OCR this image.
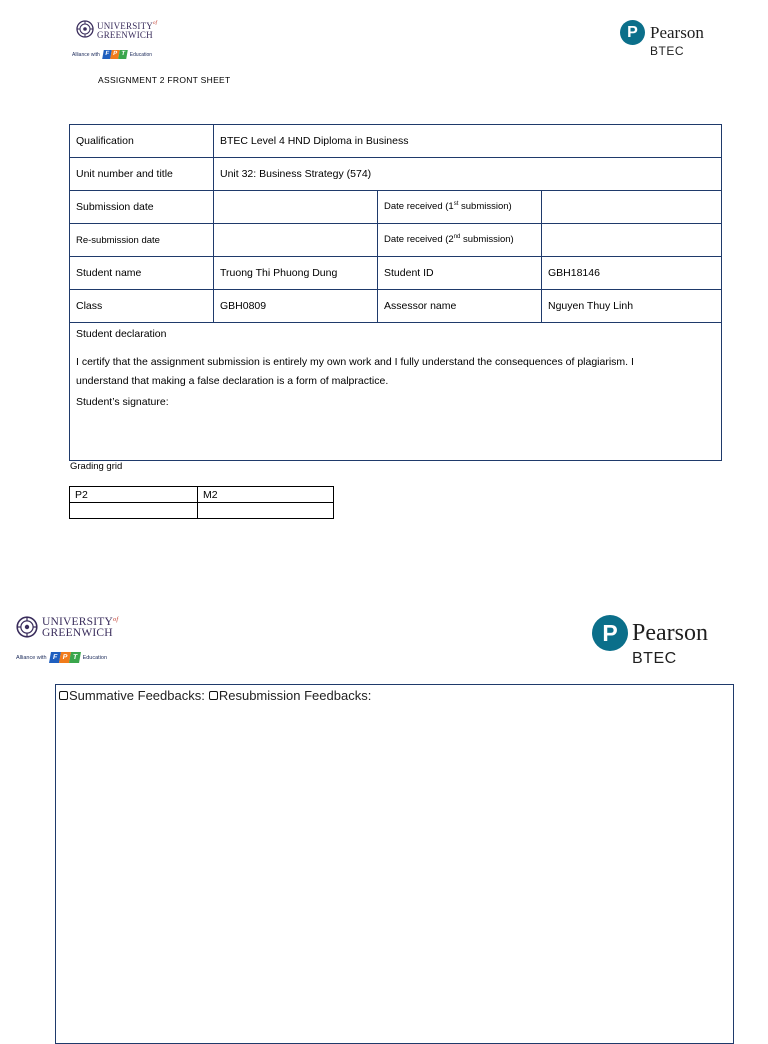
$UNIVERSITY^{of}$
GREENWICH
Alliance with F P T Education
P Pearson
BTEC
ASSIGNMENT 2 FRONT SHEET
Qualification	BTEC Level 4 HND Diploma in Business		
Unit number and title	Unit 32: Business Strategy (574)		
Submission date		Date received (1st submission)	
Re-submission date		Date received (2nd submission)	
Student name	Truong Thi Phuong Dung	Student ID	GBH18146
Class	GBH0809	Assessor name	Nguyen Thuy Linh

Student declaration
I certify that the assignment submission is entirely my own work and I fully understand the consequences of plagiarism. I
understand that making a false declaration is a form of malpractice.
Student’s signature:			
Grading grid
P2	M2

$UNIVERSITY^{of}$
GREENWICH
Alliance with F P T Education
P Pearson
BTEC
Summative Feedbacks: Resubmission Feedbacks:
